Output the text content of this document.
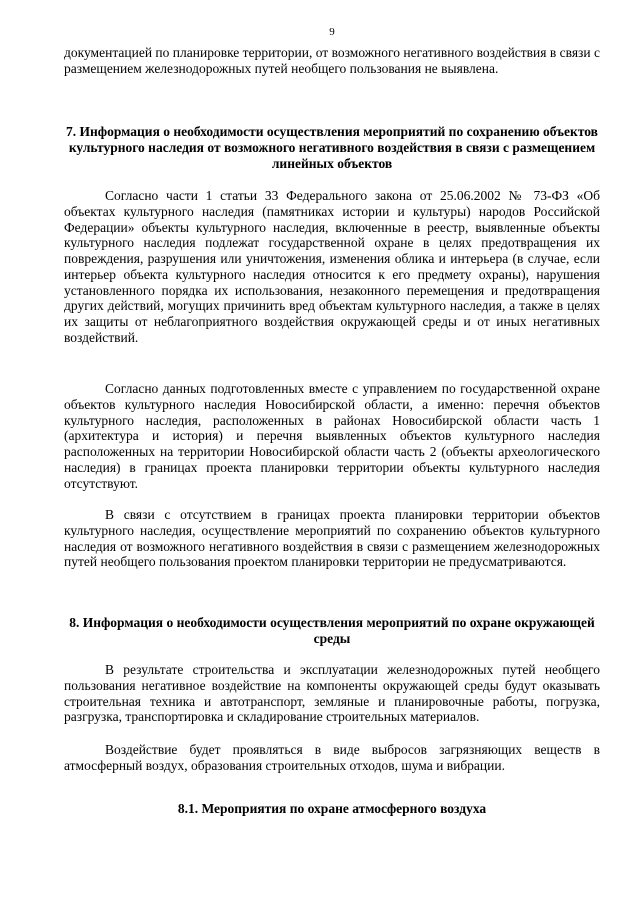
9

документацией по планировке территории, от возможного негативного воздействия в связи с размещением железнодорожных путей необщего пользования не выявлена.

7. Информация о необходимости осуществления мероприятий по сохранению объектов культурного наследия от возможного негативного воздействия в связи с размещением линейных объектов

Согласно части 1 статьи 33 Федерального закона от 25.06.2002 № 73-ФЗ «Об объектах культурного наследия (памятниках истории и культуры) народов Российской Федерации» объекты культурного наследия, включенные в реестр, выявленные объекты культурного наследия подлежат государственной охране в целях предотвращения их повреждения, разрушения или уничтожения, изменения облика и интерьера (в случае, если интерьер объекта культурного наследия относится к его предмету охраны), нарушения установленного порядка их использования, незаконного перемещения и предотвращения других действий, могущих причинить вред объектам культурного наследия, а также в целях их защиты от неблагоприятного воздействия окружающей среды и от иных негативных воздействий.

Согласно данных подготовленных вместе с управлением по государственной охране объектов культурного наследия Новосибирской области, а именно: перечня объектов культурного наследия, расположенных в районах Новосибирской области часть 1 (архитектура и история) и перечня выявленных объектов культурного наследия расположенных на территории Новосибирской области часть 2 (объекты археологического наследия) в границах проекта планировки территории объекты культурного наследия отсутствуют.

В связи с отсутствием в границах проекта планировки территории объектов культурного наследия, осуществление мероприятий по сохранению объектов культурного наследия от возможного негативного воздействия в связи с размещением железнодорожных путей необщего пользования проектом планировки территории не предусматриваются.

8. Информация о необходимости осуществления мероприятий по охране окружающей среды

В результате строительства и эксплуатации железнодорожных путей необщего пользования негативное воздействие на компоненты окружающей среды будут оказывать строительная техника и автотранспорт, земляные и планировочные работы, погрузка, разгрузка, транспортировка и складирование строительных материалов.

Воздействие будет проявляться в виде выбросов загрязняющих веществ в атмосферный воздух, образования строительных отходов, шума и вибрации.

8.1. Мероприятия по охране атмосферного воздуха
